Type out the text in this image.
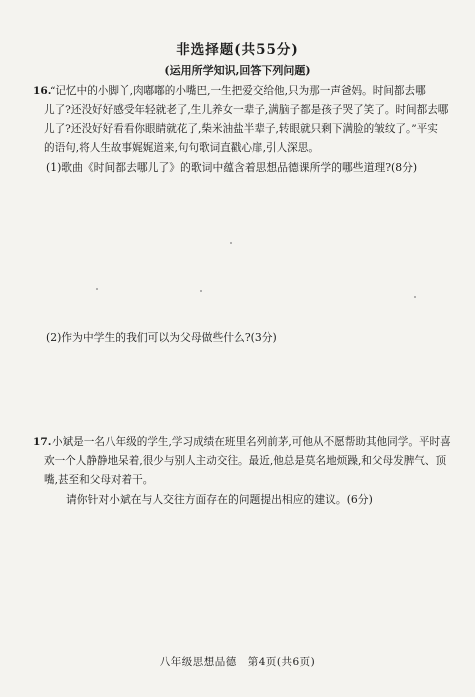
非选择题(共55分)
(运用所学知识,回答下列问题)
16.
“记忆中的小脚丫,肉嘟嘟的小嘴巴,一生把爱交给他,只为那一声爸妈。时间都去哪
儿了?还没好好感受年轻就老了,生儿养女一辈子,满脑子都是孩子哭了笑了。时间都去哪
儿了?还没好好看看你眼睛就花了,柴米油盐半辈子,转眼就只剩下满脸的皱纹了。”平实
的语句,将人生故事娓娓道来,句句歌词直戳心扉,引人深思。
(1)歌曲《时间都去哪儿了》的歌词中蕴含着思想品德课所学的哪些道理?(8分)
(2)作为中学生的我们可以为父母做些什么?(3分)
17. 小斌是一名八年级的学生,学习成绩在班里名列前茅,可他从不愿帮助其他同学。平时喜
欢一个人静静地呆着,很少与别人主动交往。最近,他总是莫名地烦躁,和父母发脾气、顶
嘴,甚至和父母对着干。
请你针对小斌在与人交往方面存在的问题提出相应的建议。(6分)
八年级思想品德　第4页(共6页)
